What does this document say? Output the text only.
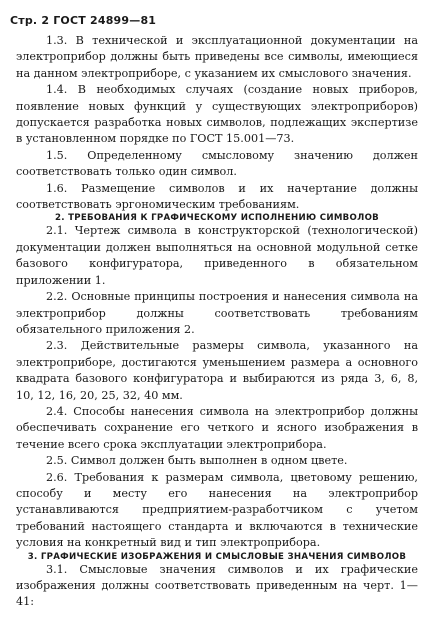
Стр. 2 ГОСТ 24899—81

1.3. В технической и эксплуатационной документации на электроприбор должны быть приведены все символы, имеющиеся на данном электроприборе, с указанием их смыслового значения.

1.4. В необходимых случаях (создание новых приборов, появление новых функций у существующих электроприборов) допускается разработка новых символов, подлежащих экспертизе в установленном порядке по ГОСТ 15.001—73.

1.5. Определенному смысловому значению должен соответствовать только один символ.

1.6. Размещение символов и их начертание должны соответствовать эргономическим требованиям.

2. ТРЕБОВАНИЯ К ГРАФИЧЕСКОМУ ИСПОЛНЕНИЮ СИМВОЛОВ

2.1. Чертеж символа в конструкторской (технологической) документации должен выполняться на основной модульной сетке базового конфигуратора, приведенного в обязательном приложении 1.

2.2. Основные принципы построения и нанесения символа на электроприбор должны соответствовать требованиям обязательного приложения 2.

2.3. Действительные размеры символа, указанного на электроприборе, достигаются уменьшением размера a основного квадрата базового конфигуратора и выбираются из ряда 3, 6, 8, 10, 12, 16, 20, 25, 32, 40 мм.

2.4. Способы нанесения символа на электроприбор должны обеспечивать сохранение его четкого и ясного изображения в течение всего срока эксплуатации электроприбора.

2.5. Символ должен быть выполнен в одном цвете.

2.6. Требования к размерам символа, цветовому решению, способу и месту его нанесения на электроприбор устанавливаются предприятием-разработчиком с учетом требований настоящего стандарта и включаются в технические условия на конкретный вид и тип электроприбора.

3. ГРАФИЧЕСКИЕ ИЗОБРАЖЕНИЯ И СМЫСЛОВЫЕ ЗНАЧЕНИЯ СИМВОЛОВ

3.1. Смысловые значения символов и их графические изображения должны соответствовать приведенным на черт. 1—41:
